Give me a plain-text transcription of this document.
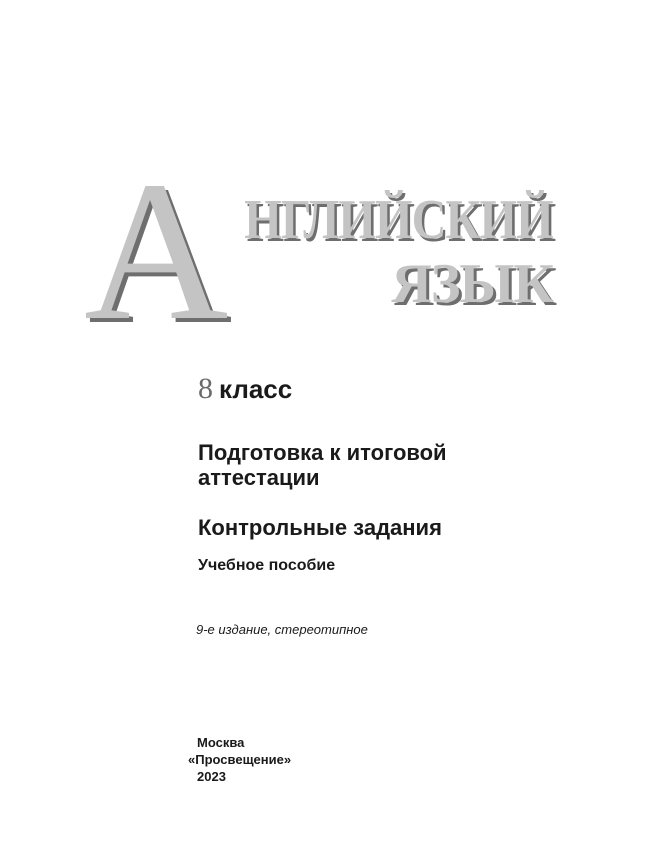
А НГЛИЙСКИЙ
ЯЗЫК
8 класс
Подготовка к итоговой
аттестации
Контрольные задания
Учебное пособие
9-е издание, стереотипное
Москва
«Просвещение»
2023
